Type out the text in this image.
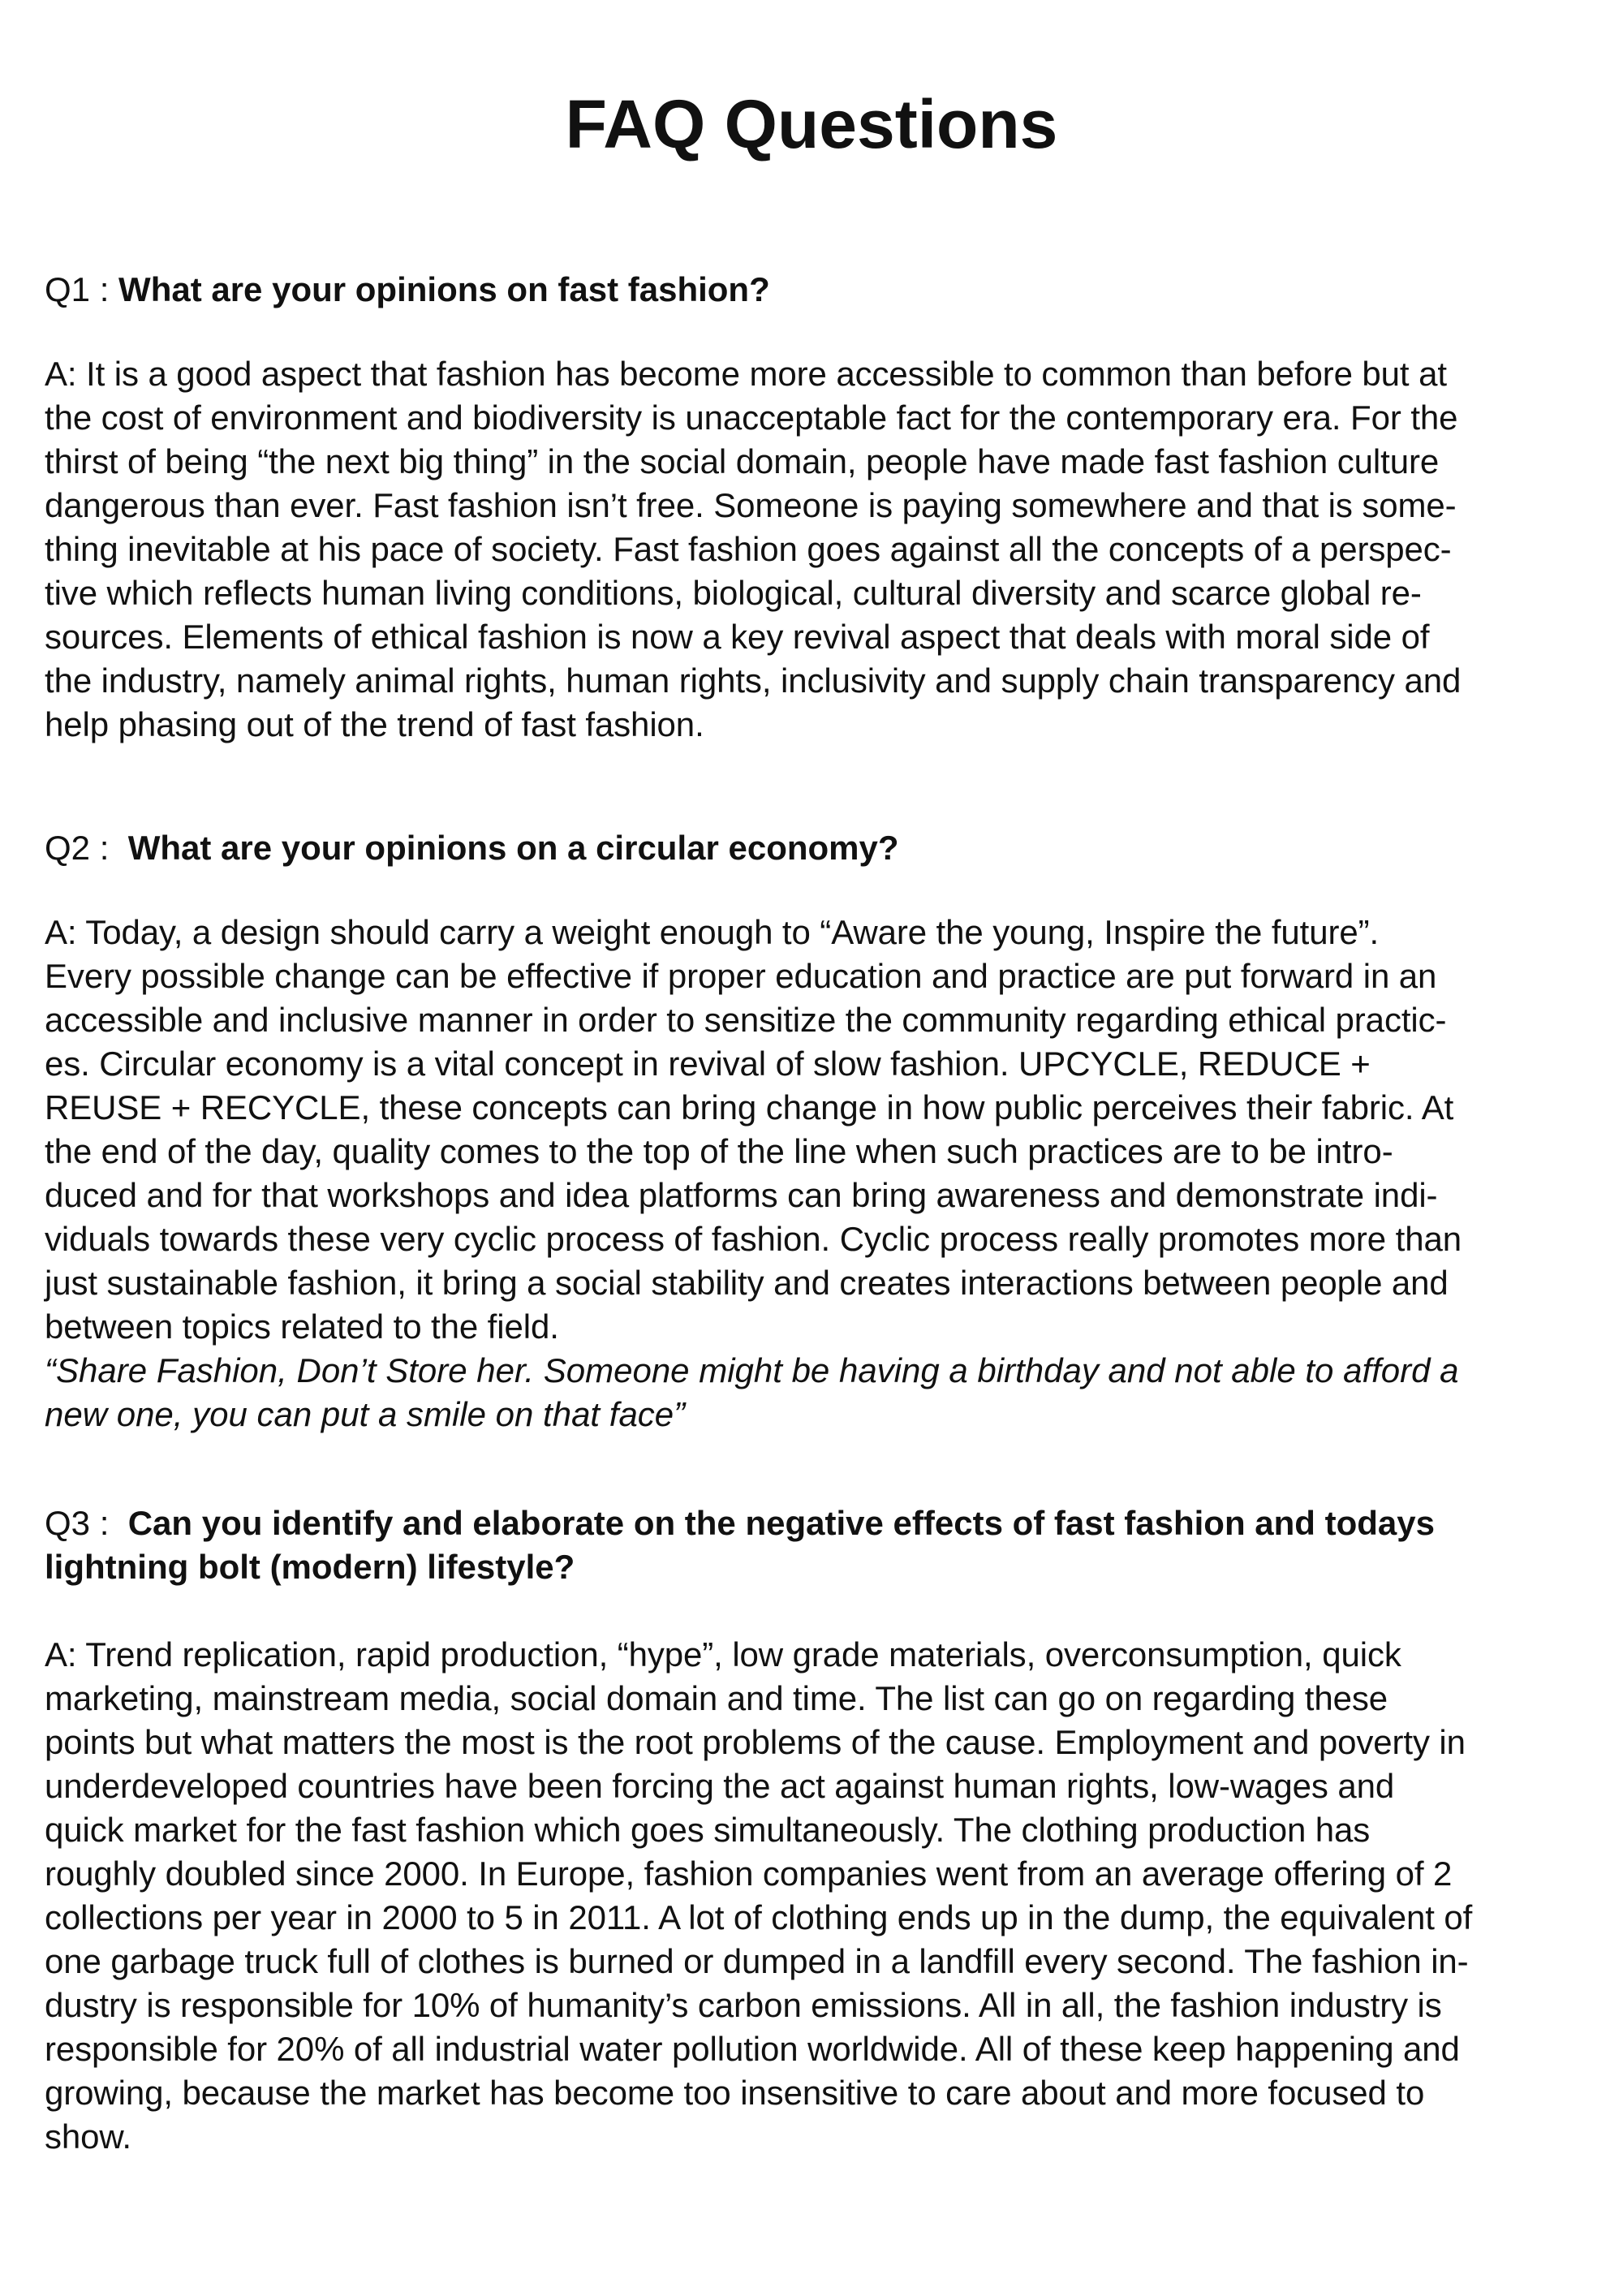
FAQ Questions

Q1 : What are your opinions on fast fashion?

A: It is a good aspect that fashion has become more accessible to common than before but at
the cost of environment and biodiversity is unacceptable fact for the contemporary era. For the
thirst of being “the next big thing” in the social domain, people have made fast fashion culture
dangerous than ever. Fast fashion isn’t free. Someone is paying somewhere and that is some-
thing inevitable at his pace of society. Fast fashion goes against all the concepts of a perspec-
tive which reflects human living conditions, biological, cultural diversity and scarce global re-
sources. Elements of ethical fashion is now a key revival aspect that deals with moral side of
the industry, namely animal rights, human rights, inclusivity and supply chain transparency and
help phasing out of the trend of fast fashion.

Q2 :  What are your opinions on a circular economy?

A: Today, a design should carry a weight enough to “Aware the young, Inspire the future”.
Every possible change can be effective if proper education and practice are put forward in an
accessible and inclusive manner in order to sensitize the community regarding ethical practic-
es. Circular economy is a vital concept in revival of slow fashion. UPCYCLE, REDUCE +
REUSE + RECYCLE, these concepts can bring change in how public perceives their fabric. At
the end of the day, quality comes to the top of the line when such practices are to be intro-
duced and for that workshops and idea platforms can bring awareness and demonstrate indi-
viduals towards these very cyclic process of fashion. Cyclic process really promotes more than
just sustainable fashion, it bring a social stability and creates interactions between people and
between topics related to the field.
“Share Fashion, Don’t Store her. Someone might be having a birthday and not able to afford a
new one, you can put a smile on that face”
Q3 :  Can you identify and elaborate on the negative effects of fast fashion and todays
lightning bolt (modern) lifestyle?
A: Trend replication, rapid production, “hype”, low grade materials, overconsumption, quick
marketing, mainstream media, social domain and time. The list can go on regarding these
points but what matters the most is the root problems of the cause. Employment and poverty in
underdeveloped countries have been forcing the act against human rights, low-wages and
quick market for the fast fashion which goes simultaneously. The clothing production has
roughly doubled since 2000. In Europe, fashion companies went from an average offering of 2
collections per year in 2000 to 5 in 2011. A lot of clothing ends up in the dump, the equivalent of
one garbage truck full of clothes is burned or dumped in a landfill every second. The fashion in-
dustry is responsible for 10% of humanity’s carbon emissions. All in all, the fashion industry is
responsible for 20% of all industrial water pollution worldwide. All of these keep happening and
growing, because the market has become too insensitive to care about and more focused to
show.
